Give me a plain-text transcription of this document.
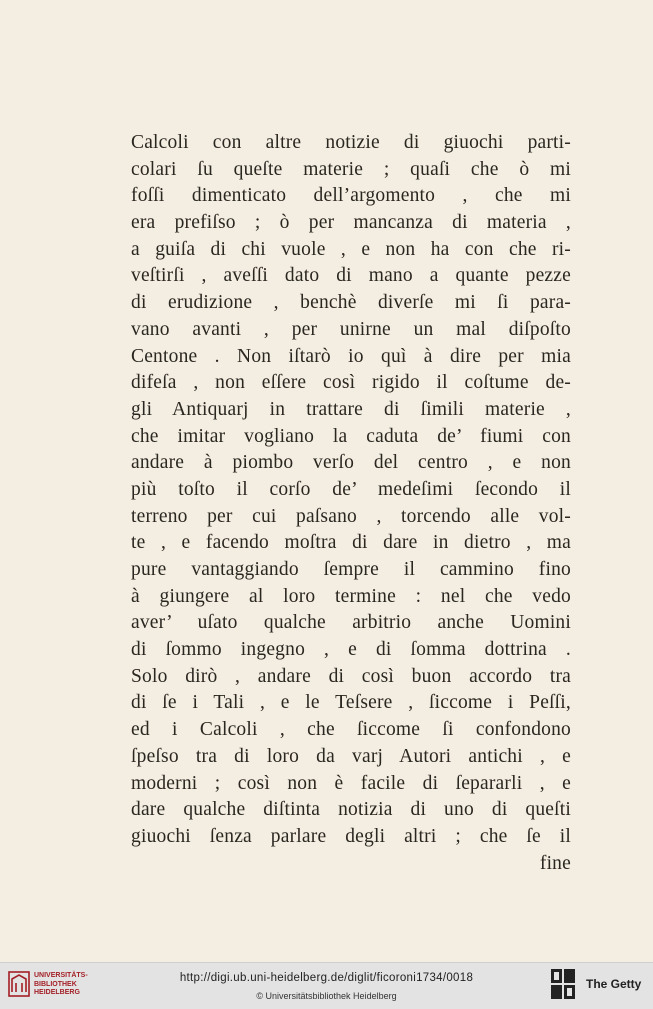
Calcoli con altre notizie di giuochi parti-
colari ſu queſte materie ; quaſi che ò mi
foſſi dimenticato dell’argomento , che mi
era prefiſso ; ò per mancanza di materia ,
a guiſa di chi vuole , e non ha con che ri-
veſtirſi , aveſſi dato di mano a quante pezze
di erudizione , benchè diverſe mi ſi para-
vano avanti , per unirne un mal diſpoſto
Centone . Non iſtarò io quì à dire per mia
difeſa , non eſſere così rigido il coſtume de-
gli Antiquarj in trattare di ſimili materie ,
che imitar vogliano la caduta de’ fiumi con
andare à piombo verſo del centro , e non
più toſto il corſo de’ medeſimi ſecondo il
terreno per cui paſsano , torcendo alle vol-
te , e facendo moſtra di dare in dietro , ma
pure vantaggiando ſempre il cammino fino
à giungere al loro termine : nel che vedo
aver’ uſato qualche arbitrio anche Uomini
di ſommo ingegno , e di ſomma dottrina .
Solo dirò , andare di così buon accordo tra
di ſe i Tali , e le Teſsere , ſiccome i Peſſi,
ed i Calcoli , che ſiccome ſi confondono
ſpeſso tra di loro da varj Autori antichi , e
moderni ; così non è facile di ſepararli , e
dare qualche diſtinta notizia di uno di queſti
giuochi ſenza parlare degli altri ; che ſe il
fine
UNIVERSITÄTS-
BIBLIOTHEK
HEIDELBERG
http://digi.ub.uni-heidelberg.de/diglit/ficoroni1734/0018
© Universitätsbibliothek Heidelberg
The Getty
